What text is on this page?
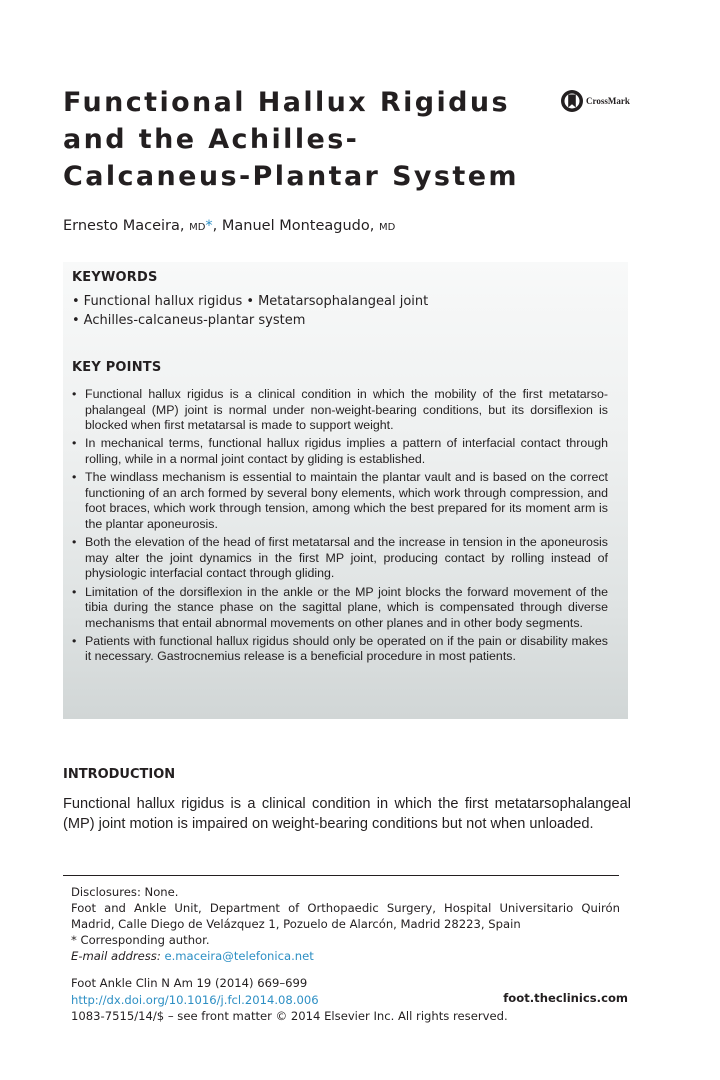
Functional Hallux Rigidus
and the Achilles-
Calcaneus-Plantar System
CrossMark
Ernesto Maceira, MD*, Manuel Monteagudo, MD
KEYWORDS
• Functional hallux rigidus • Metatarsophalangeal joint
• Achilles-calcaneus-plantar system
KEY POINTS
• Functional hallux rigidus is a clinical condition in which the mobility of the first metatarso-phalangeal (MP) joint is normal under non-weight-bearing conditions, but its dorsiflexion is blocked when first metatarsal is made to support weight.
• In mechanical terms, functional hallux rigidus implies a pattern of interfacial contact through rolling, while in a normal joint contact by gliding is established.
• The windlass mechanism is essential to maintain the plantar vault and is based on the correct functioning of an arch formed by several bony elements, which work through compression, and foot braces, which work through tension, among which the best prepared for its moment arm is the plantar aponeurosis.
• Both the elevation of the head of first metatarsal and the increase in tension in the aponeurosis may alter the joint dynamics in the first MP joint, producing contact by rolling instead of physiologic interfacial contact through gliding.
• Limitation of the dorsiflexion in the ankle or the MP joint blocks the forward movement of the tibia during the stance phase on the sagittal plane, which is compensated through diverse mechanisms that entail abnormal movements on other planes and in other body segments.
• Patients with functional hallux rigidus should only be operated on if the pain or disability makes it necessary. Gastrocnemius release is a beneficial procedure in most patients.
INTRODUCTION

Functional hallux rigidus is a clinical condition in which the first metatarsophalangeal (MP) joint motion is impaired on weight-bearing conditions but not when unloaded.

Disclosures: None.
Foot and Ankle Unit, Department of Orthopaedic Surgery, Hospital Universitario Quirón Madrid, Calle Diego de Velázquez 1, Pozuelo de Alarcón, Madrid 28223, Spain
* Corresponding author.
E-mail address: e.maceira@telefonica.net
Foot Ankle Clin N Am 19 (2014) 669–699
http://dx.doi.org/10.1016/j.fcl.2014.08.006
1083-7515/14/$ – see front matter © 2014 Elsevier Inc. All rights reserved.
foot.theclinics.com
